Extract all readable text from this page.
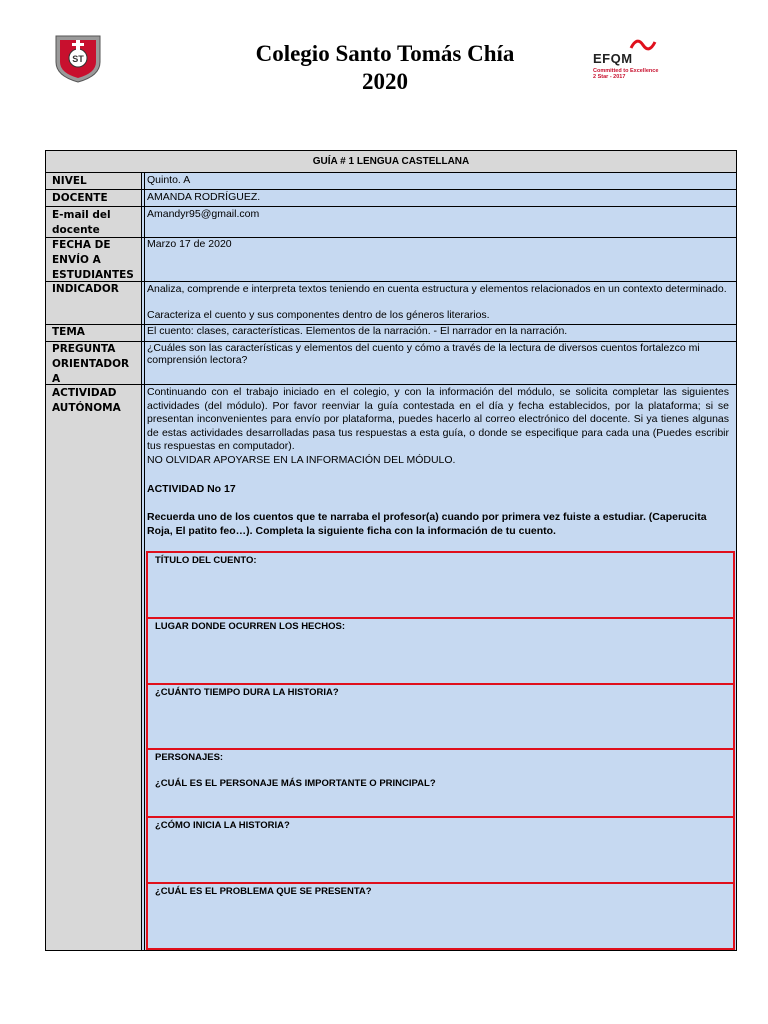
ST	Colegio Santo Tomás Chía
2020
EFQM
Committed to Excellence
2 Star - 2017
GUÍA # 1 LENGUA CASTELLANA
NIVEL
DOCENTE
E-mail del docente
FECHA DE ENVÍO A ESTUDIANTES
INDICADOR
TEMA
PREGUNTA
ORIENTADOR
A
ACTIVIDAD AUTÓNOMA
Quinto. A
AMANDA RODRÍGUEZ.
Amandyr95@gmail.com
Marzo 17 de 2020
Analiza, comprende e interpreta textos teniendo en cuenta estructura y elementos relacionados en un contexto determinado.
Caracteriza el cuento y sus componentes dentro de los géneros literarios.
El cuento: clases, características. Elementos de la narración. - El narrador en la narración.
¿Cuáles son las características y elementos del cuento y cómo a través de la lectura de diversos cuentos fortalezco mi comprensión lectora?
Continuando con el trabajo iniciado en el colegio, y con la información del módulo, se solicita completar las siguientes actividades (del módulo). Por favor reenviar la guía contestada en el día y fecha establecidos, por la plataforma; si se presentan inconvenientes para envío por plataforma, puedes hacerlo al correo electrónico del docente. Si ya tienes algunas de estas actividades desarrolladas pasa tus respuestas a esta guía, o donde se especifique para cada una (Puedes escribir tus respuestas en computador).
NO OLVIDAR APOYARSE EN LA INFORMACIÓN DEL MÓDULO.
ACTIVIDAD No 17
Recuerda uno de los cuentos que te narraba el profesor(a) cuando por primera vez fuiste a estudiar. (Caperucita Roja, El patito feo…). Completa la siguiente ficha con la información de tu cuento.
TÍTULO DEL CUENTO:
LUGAR DONDE OCURREN LOS HECHOS:
¿CUÁNTO TIEMPO DURA LA HISTORIA?
PERSONAJES:
¿CUÁL ES EL PERSONAJE MÁS IMPORTANTE O PRINCIPAL?
¿CÓMO INICIA LA HISTORIA?
¿CUÁL ES EL PROBLEMA QUE SE PRESENTA?
